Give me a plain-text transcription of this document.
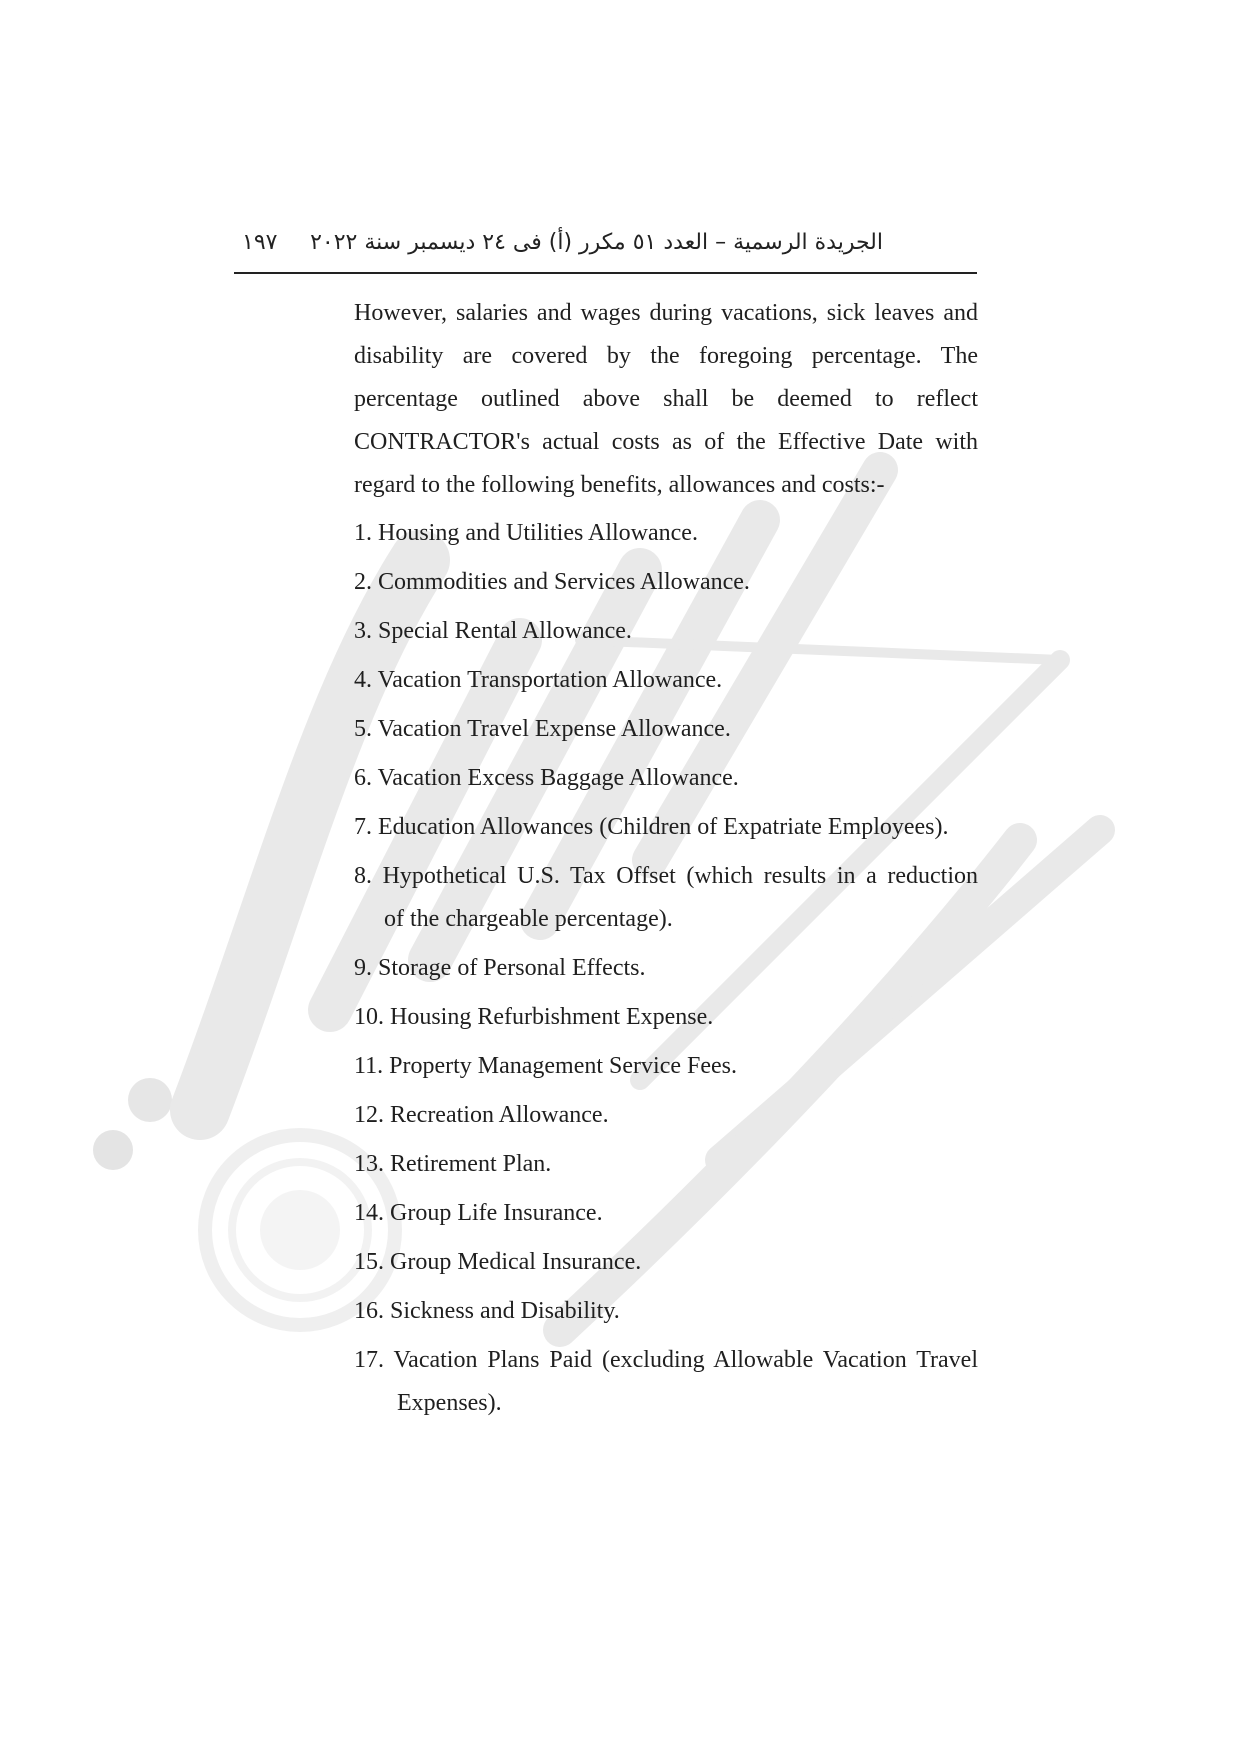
١٩٧ الجريدة الرسمية – العدد ٥١ مكرر (أ) فى ٢٤ ديسمبر سنة ٢٠٢٢

However, salaries and wages during vacations, sick leaves and disability are covered by the foregoing percentage. The percentage outlined above shall be deemed to reflect CONTRACTOR's actual costs as of the Effective Date with regard to the following benefits, allowances and costs:-

1. Housing and Utilities Allowance.
2. Commodities and Services Allowance.
3. Special Rental Allowance.
4. Vacation Transportation Allowance.
5. Vacation Travel Expense Allowance.
6. Vacation Excess Baggage Allowance.
7. Education Allowances (Children of Expatriate Employees).
8. Hypothetical U.S. Tax Offset (which results in a reduction
of the chargeable percentage).
9. Storage of Personal Effects.
10. Housing Refurbishment Expense.
11. Property Management Service Fees.
12. Recreation Allowance.
13. Retirement Plan.
14. Group Life Insurance.
15. Group Medical Insurance.
16. Sickness and Disability.
17. Vacation Plans Paid (excluding Allowable Vacation Travel
Expenses).
